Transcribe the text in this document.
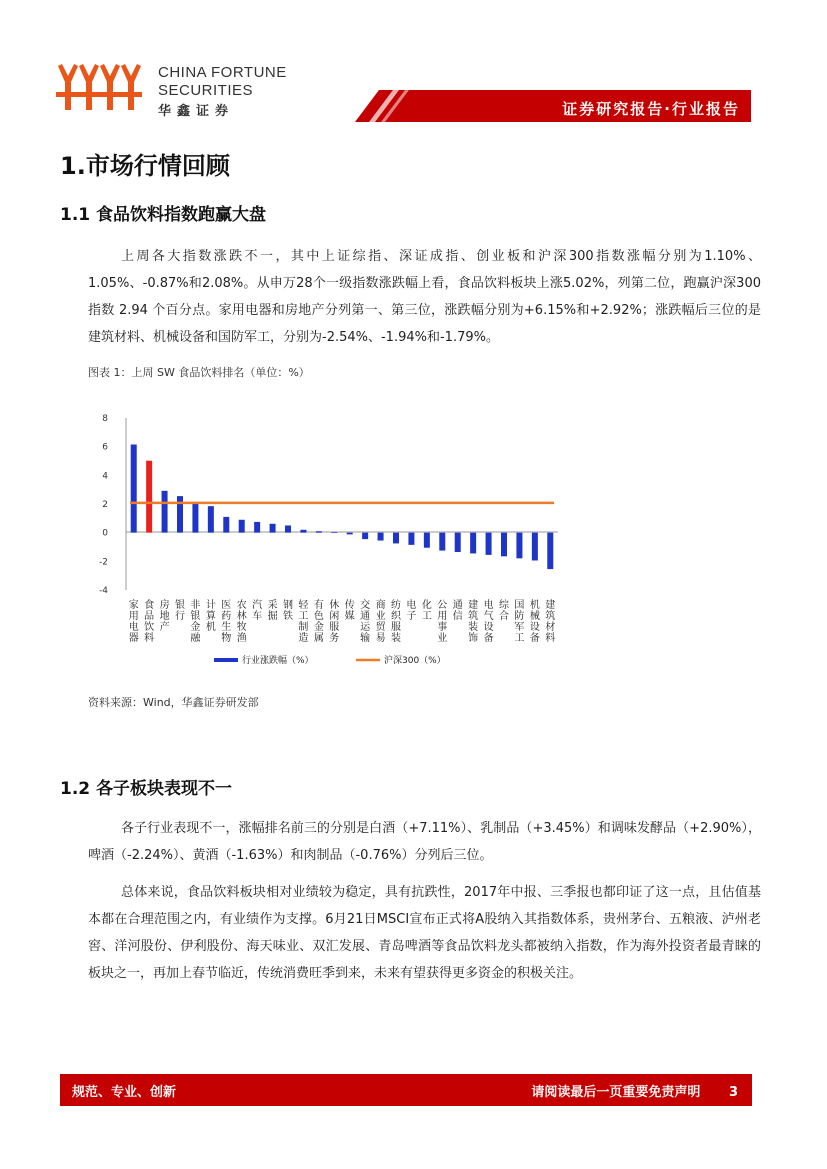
CHINA FORTUNE
SECURITIES
华鑫证券	证券研究报告·行业报告
1.市场行情回顾
1.1 食品饮料指数跑赢大盘
上周各大指数涨跌不一，其中上证综指、深证成指、创业板和沪深300指数涨幅分别为1.10%、1.05%、-0.87%和2.08%。从申万28个一级指数涨跌幅上看，食品饮料板块上涨5.02%，列第二位，跑赢沪深300指数 2.94 个百分点。家用电器和房地产分列第一、第三位，涨跌幅分别为+6.15%和+2.92%；涨跌幅后三位的是建筑材料、机械设备和国防军工，分别为-2.54%、-1.94%和-1.79%。
图表 1：上周 SW 食品饮料排名（单位：%）
8
6
4
2
0
-2
-4
家用电器
食品饮料
房地产
银行
非银金融
计算机
医药生物
农林牧渔
汽车
采掘
钢铁
轻工制造
有色金属
休闲服务
传媒
交通运输
商业贸易
纺织服装
电子
化工
公用事业
通信
建筑装饰
电气设备
综合
国防军工
机械设备
建筑材料
行业涨跌幅（%）	沪深300（%）
资料来源：Wind，华鑫证券研发部
1.2 各子板块表现不一
各子行业表现不一，涨幅排名前三的分别是白酒（+7.11%）、乳制品（+3.45%）和调味发酵品（+2.90%），啤酒（-2.24%）、黄酒（-1.63%）和肉制品（-0.76%）分列后三位。
总体来说，食品饮料板块相对业绩较为稳定，具有抗跌性，2017年中报、三季报也都印证了这一点，且估值基本都在合理范围之内，有业绩作为支撑。6月21日MSCI宣布正式将A股纳入其指数体系，贵州茅台、五粮液、泸州老窖、洋河股份、伊利股份、海天味业、双汇发展、青岛啤酒等食品饮料龙头都被纳入指数，作为海外投资者最青睐的板块之一，再加上春节临近，传统消费旺季到来，未来有望获得更多资金的积极关注。
规范、专业、创新	请阅读最后一页重要免责声明 3
